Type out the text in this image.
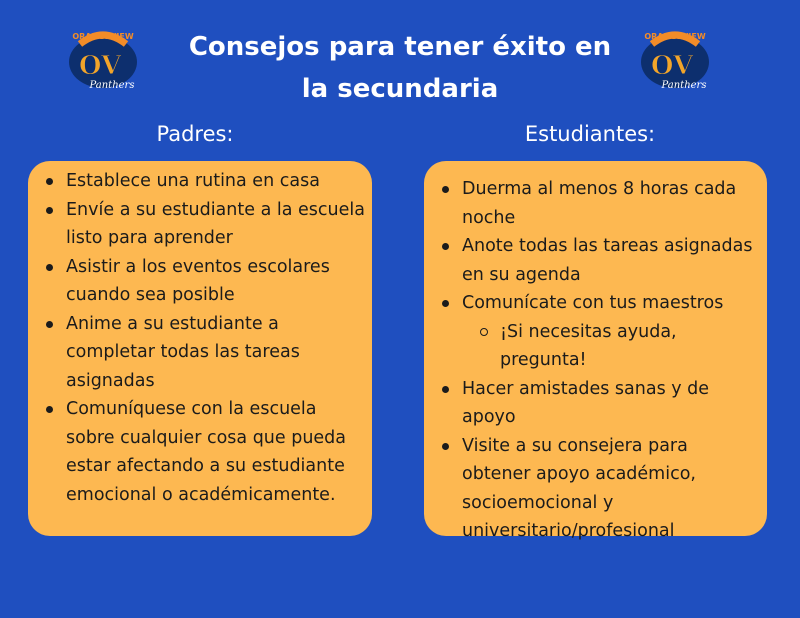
ORANGEVIEW
OV
Panthers
Consejos para tener éxito en
la secundaria
ORANGEVIEW
OV
Panthers
Padres:	Estudiantes:
Establece una rutina en casa
Envíe a su estudiante a la escuela listo para aprender
Asistir a los eventos escolares cuando sea posible
Anime a su estudiante a completar todas las tareas asignadas
Comuníquese con la escuela sobre cualquier cosa que pueda estar afectando a su estudiante emocional o académicamente.
Duerma al menos 8 horas cada noche
Anote todas las tareas asignadas en su agenda
Comunícate con tus maestros
¡Si necesitas ayuda, pregunta!
Hacer amistades sanas y de apoyo
Visite a su consejera para obtener apoyo académico, socioemocional y universitario/profesional
